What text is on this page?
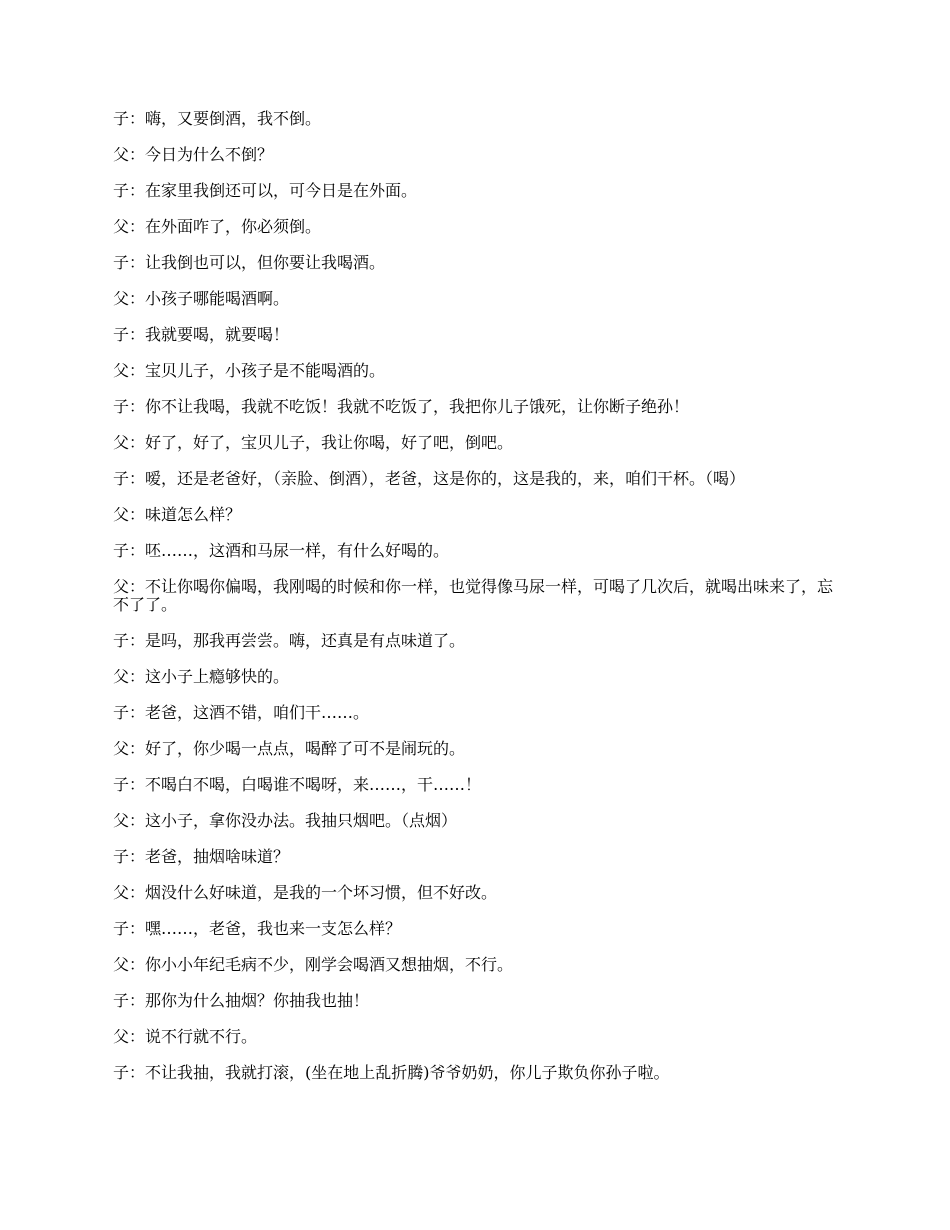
子：嗨，又要倒酒，我不倒。

父：今日为什么不倒？

子：在家里我倒还可以，可今日是在外面。

父：在外面咋了，你必须倒。

子：让我倒也可以，但你要让我喝酒。

父：小孩子哪能喝酒啊。

子：我就要喝，就要喝！

父：宝贝儿子，小孩子是不能喝酒的。

子：你不让我喝，我就不吃饭！我就不吃饭了，我把你儿子饿死，让你断子绝孙！

父：好了，好了，宝贝儿子，我让你喝，好了吧，倒吧。

子：嗳，还是老爸好，（亲脸、倒酒），老爸，这是你的，这是我的，来，咱们干杯。（喝）

父：味道怎么样？

子：呸……，这酒和马尿一样，有什么好喝的。

父：不让你喝你偏喝，我刚喝的时候和你一样，也觉得像马尿一样，可喝了几次后，就喝出味来了，忘不了了。

子：是吗，那我再尝尝。嗨，还真是有点味道了。

父：这小子上瘾够快的。

子：老爸，这酒不错，咱们干……。

父：好了，你少喝一点点，喝醉了可不是闹玩的。

子：不喝白不喝，白喝谁不喝呀，来……，干……！

父：这小子，拿你没办法。我抽只烟吧。（点烟）

子：老爸，抽烟啥味道？

父：烟没什么好味道，是我的一个坏习惯，但不好改。

子：嘿……，老爸，我也来一支怎么样？

父：你小小年纪毛病不少，刚学会喝酒又想抽烟，不行。

子：那你为什么抽烟？你抽我也抽！

父：说不行就不行。

子：不让我抽，我就打滚，(坐在地上乱折腾)爷爷奶奶，你儿子欺负你孙子啦。
